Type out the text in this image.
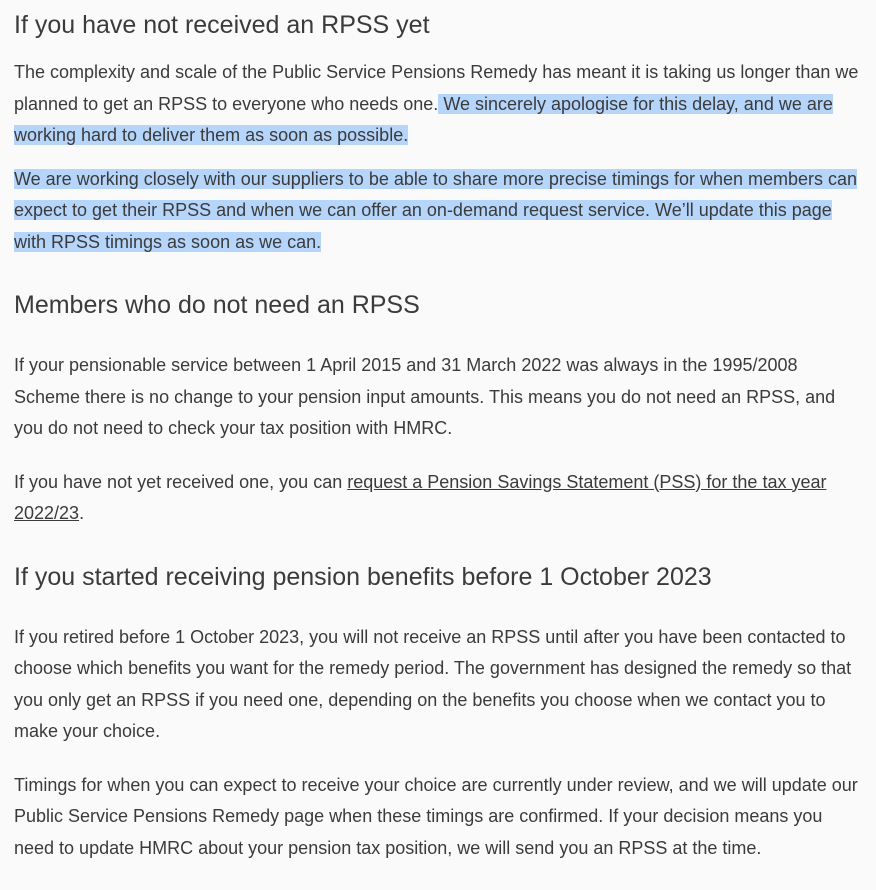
If you have not received an RPSS yet

The complexity and scale of the Public Service Pensions Remedy has meant it is taking us longer than we planned to get an RPSS to everyone who needs one. We sincerely apologise for this delay, and we are working hard to deliver them as soon as possible.

We are working closely with our suppliers to be able to share more precise timings for when members can expect to get their RPSS and when we can offer an on-demand request service. We’ll update this page with RPSS timings as soon as we can.

Members who do not need an RPSS

If your pensionable service between 1 April 2015 and 31 March 2022 was always in the 1995/2008 Scheme there is no change to your pension input amounts. This means you do not need an RPSS, and you do not need to check your tax position with HMRC.

If you have not yet received one, you can request a Pension Savings Statement (PSS) for the tax year 2022/23.

If you started receiving pension benefits before 1 October 2023

If you retired before 1 October 2023, you will not receive an RPSS until after you have been contacted to choose which benefits you want for the remedy period. The government has designed the remedy so that you only get an RPSS if you need one, depending on the benefits you choose when we contact you to make your choice.

Timings for when you can expect to receive your choice are currently under review, and we will update our Public Service Pensions Remedy page when these timings are confirmed. If your decision means you need to update HMRC about your pension tax position, we will send you an RPSS at the time.
